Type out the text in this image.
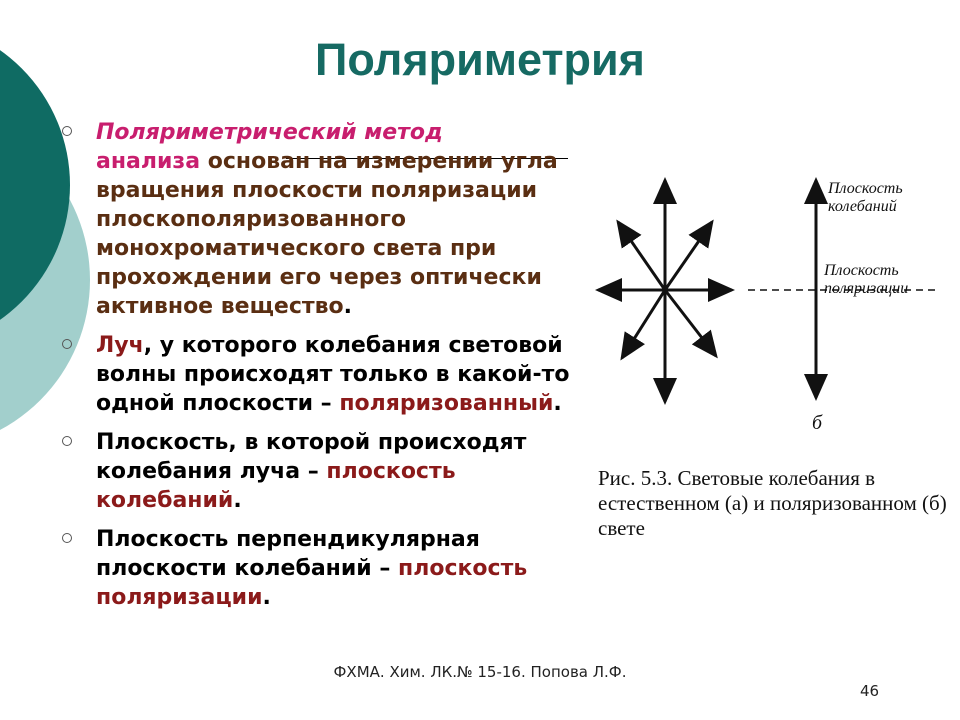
Поляриметрия
Поляриметрический метод
анализа основан на измерении угла вращения плоскости поляризации плоскополяризованного монохроматического света при прохождении его через оптически активное вещество.
Луч, у которого колебания световой волны происходят только в какой-то одной плоскости – поляризованный.
Плоскость, в которой происходят колебания луча – плоскость колебаний.
Плоскость перпендикулярная плоскости колебаний – плоскость поляризации.
Плоскость колебаний
Плоскость поляризации
б
Рис. 5.3. Световые колебания в естественном (а) и поляризованном (б) свете
ФХМА. Хим. ЛК.№ 15-16. Попова Л.Ф.
46
